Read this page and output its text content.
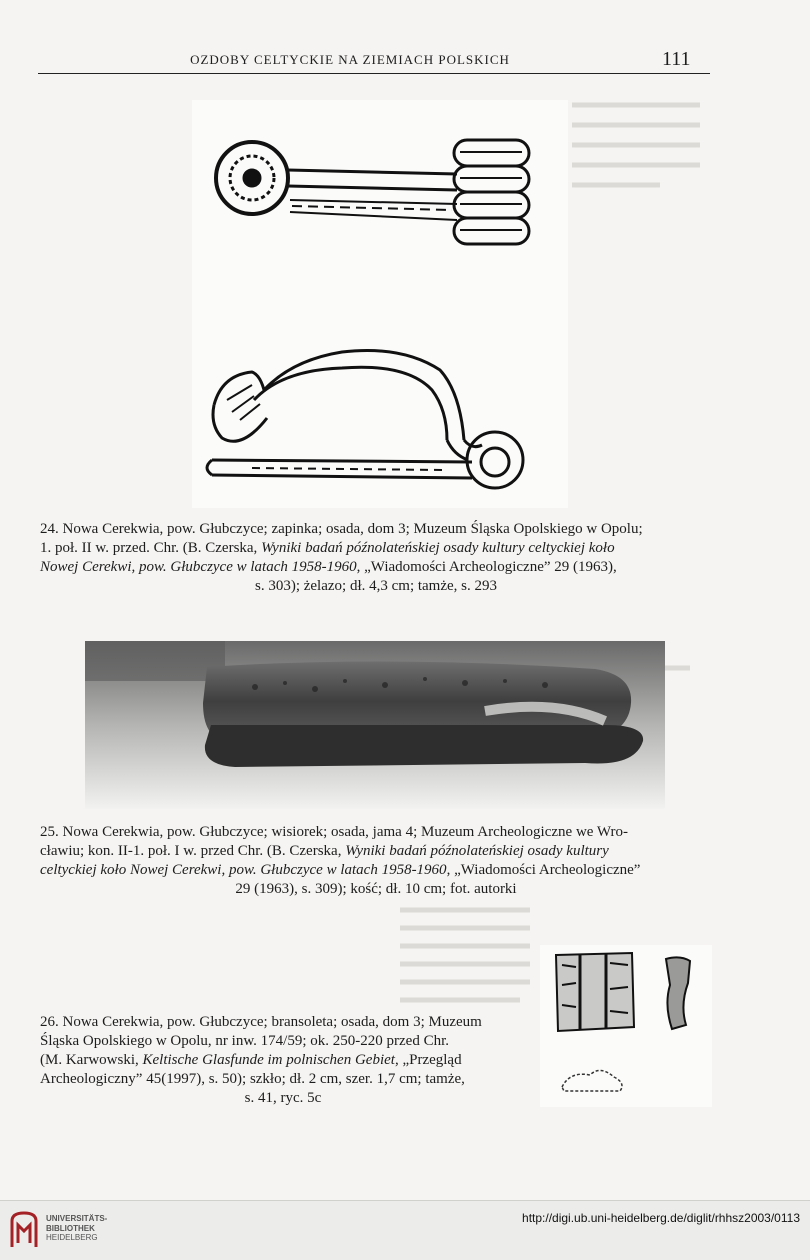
OZDOBY CELTYCKIE NA ZIEMIACH POLSKICH	111
24. Nowa Cerekwia, pow. Głubczyce; zapinka; osada, dom 3; Muzeum Śląska Opolskiego w Opolu;
1. poł. II w. przed. Chr. (B. Czerska, Wyniki badań późnolateńskiej osady kultury celtyckiej koło
Nowej Cerekwi, pow. Głubczyce w latach 1958-1960, „Wiadomości Archeologiczne” 29 (1963),
s. 303); żelazo; dł. 4,3 cm; tamże, s. 293
25. Nowa Cerekwia, pow. Głubczyce; wisiorek; osada, jama 4; Muzeum Archeologiczne we Wro-
cławiu; kon. II-1. poł. I w. przed Chr. (B. Czerska, Wyniki badań późnolateńskiej osady kultury
celtyckiej koło Nowej Cerekwi, pow. Głubczyce w latach 1958-1960, „Wiadomości Archeologiczne”
29 (1963), s. 309); kość; dł. 10 cm; fot. autorki
26. Nowa Cerekwia, pow. Głubczyce; bransoleta; osada, dom 3; Muzeum
Śląska Opolskiego w Opolu, nr inw. 174/59; ok. 250-220 przed Chr.
(M. Karwowski, Keltische Glasfunde im polnischen Gebiet, „Przegląd
Archeologiczny” 45(1997), s. 50); szkło; dł. 2 cm, szer. 1,7 cm; tamże,
s. 41, ryc. 5c
UNIVERSITÄTS-
BIBLIOTHEK
HEIDELBERG
http://digi.ub.uni-heidelberg.de/diglit/rhhsz2003/0113
